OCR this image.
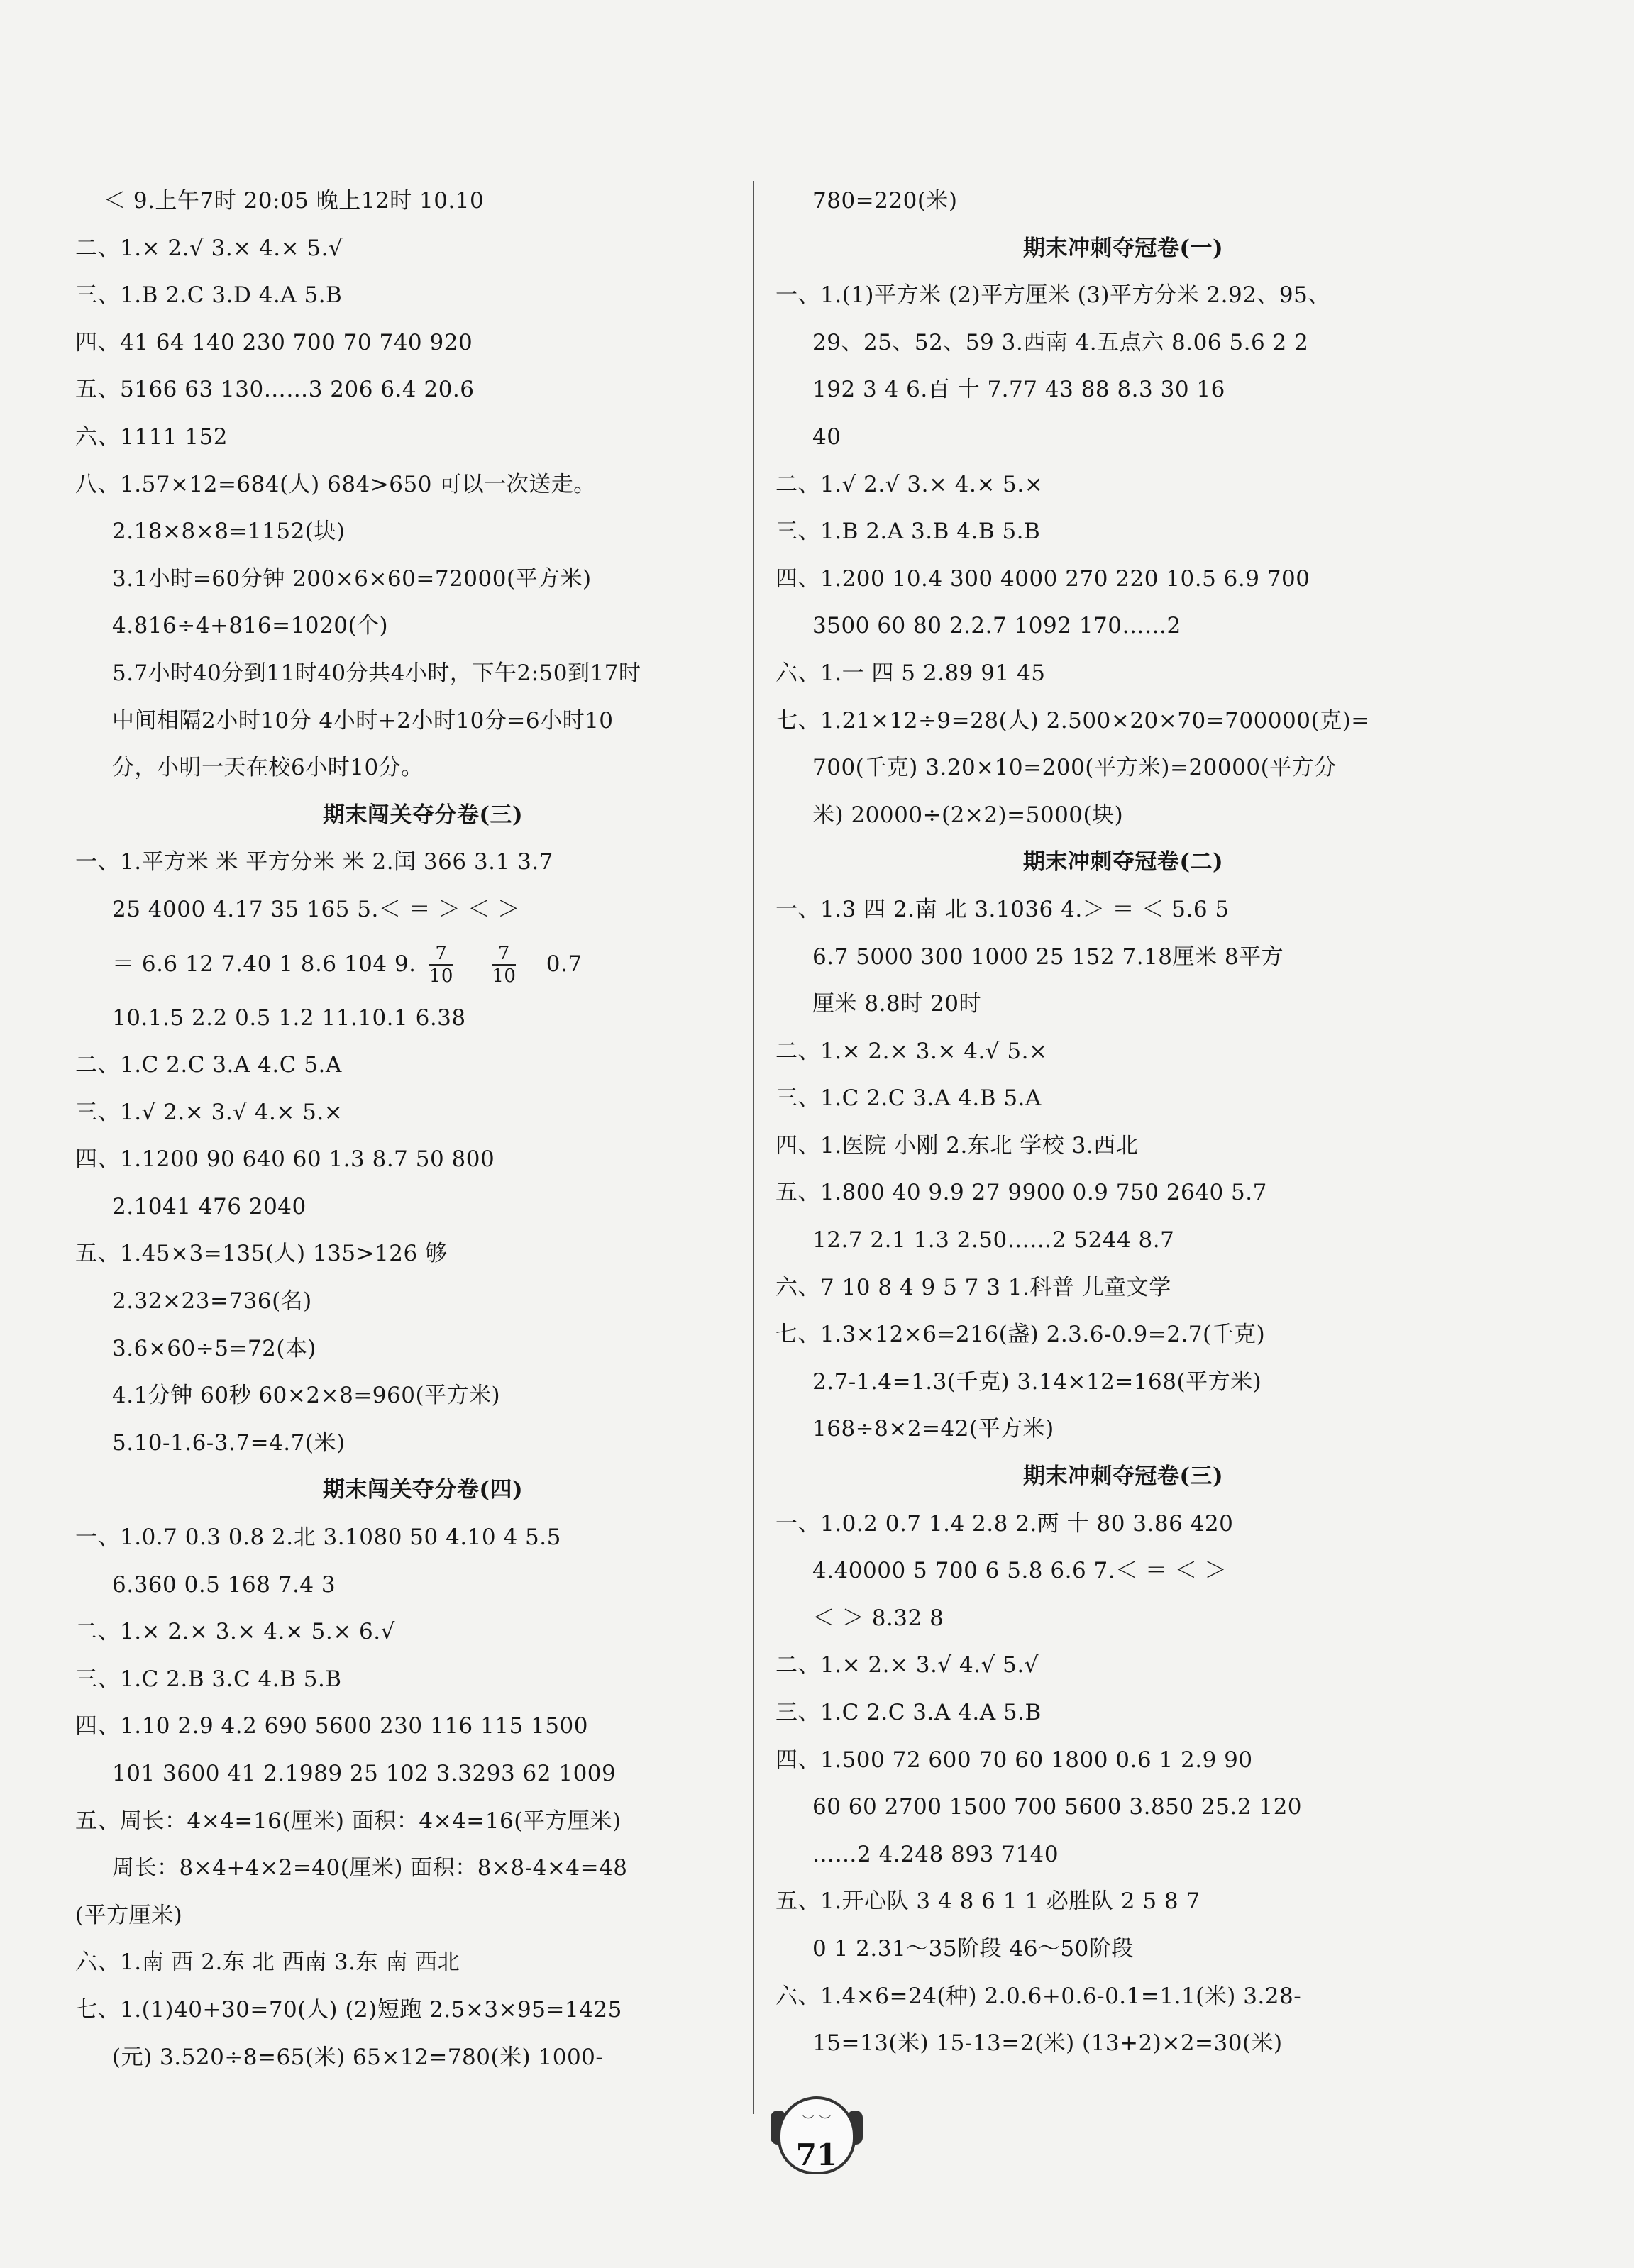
＜ 9.上午7时 20:05 晚上12时 10.10
二、1.× 2.√ 3.× 4.× 5.√
三、1.B 2.C 3.D 4.A 5.B
四、41 64 140 230 700 70 740 920
五、5166 63 130……3 206 6.4 20.6
六、1111 152
八、1.57×12=684(人) 684>650 可以一次送走。
2.18×8×8=1152(块)
3.1小时=60分钟 200×6×60=72000(平方米)
4.816÷4+816=1020(个)
5.7小时40分到11时40分共4小时，下午2:50到17时
中间相隔2小时10分 4小时+2小时10分=6小时10
分，小明一天在校6小时10分。
期末闯关夺分卷(三)
一、1.平方米 米 平方分米 米 2.闰 366 3.1 3.7
25 4000 4.17 35 165 5.＜ ＝ ＞ ＜ ＞
＝ 6.6 12 7.40 1 8.6 104 9. $\frac{7}{10}$
$\frac{7}{10} 0.7$
10.1.5 2.2 0.5 1.2 11.10.1 6.38
二、1.C 2.C 3.A 4.C 5.A
三、1.√ 2.× 3.√ 4.× 5.×
四、1.1200 90 640 60 1.3 8.7 50 800
2.1041 476 2040
五、1.45×3=135(人) 135>126 够
2.32×23=736(名)
3.6×60÷5=72(本)
4.1分钟 60秒 60×2×8=960(平方米)
5.10-1.6-3.7=4.7(米)
期末闯关夺分卷(四)
一、1.0.7 0.3 0.8 2.北 3.1080 50 4.10 4 5.5
6.360 0.5 168 7.4 3
二、1.× 2.× 3.× 4.× 5.× 6.√
三、1.C 2.B 3.C 4.B 5.B
四、1.10 2.9 4.2 690 5600 230 116 115 1500
101 3600 41 2.1989 25 102 3.3293 62 1009
五、周长：4×4=16(厘米) 面积：4×4=16(平方厘米)
周长：8×4+4×2=40(厘米) 面积：8×8-4×4=48
(平方厘米)
六、1.南 西 2.东 北 西南 3.东 南 西北
七、1.(1)40+30=70(人) (2)短跑 2.5×3×95=1425
(元) 3.520÷8=65(米) 65×12=780(米) 1000-
780=220(米)
期末冲刺夺冠卷(一)
一、1.(1)平方米 (2)平方厘米 (3)平方分米 2.92、95、
29、25、52、59 3.西南 4.五点六 8.06 5.6 2 2
192 3 4 6.百 十 7.77 43 88 8.3 30 16
40
二、1.√ 2.√ 3.× 4.× 5.×
三、1.B 2.A 3.B 4.B 5.B
四、1.200 10.4 300 4000 270 220 10.5 6.9 700
3500 60 80 2.2.7 1092 170……2
六、1.一 四 5 2.89 91 45
七、1.21×12÷9=28(人) 2.500×20×70=700000(克)=
700(千克) 3.20×10=200(平方米)=20000(平方分
米) 20000÷(2×2)=5000(块)
期末冲刺夺冠卷(二)
一、1.3 四 2.南 北 3.1036 4.＞ ＝ ＜ 5.6 5
6.7 5000 300 1000 25 152 7.18厘米 8平方
厘米 8.8时 20时
二、1.× 2.× 3.× 4.√ 5.×
三、1.C 2.C 3.A 4.B 5.A
四、1.医院 小刚 2.东北 学校 3.西北
五、1.800 40 9.9 27 9900 0.9 750 2640 5.7
12.7 2.1 1.3 2.50……2 5244 8.7
六、7 10 8 4 9 5 7 3 1.科普 儿童文学
七、1.3×12×6=216(盏) 2.3.6-0.9=2.7(千克)
2.7-1.4=1.3(千克) 3.14×12=168(平方米)
168÷8×2=42(平方米)
期末冲刺夺冠卷(三)
一、1.0.2 0.7 1.4 2.8 2.两 十 80 3.86 420
4.40000 5 700 6 5.8 6.6 7.＜ ＝ ＜ ＞
＜ ＞ 8.32 8
二、1.× 2.× 3.√ 4.√ 5.√
三、1.C 2.C 3.A 4.A 5.B
四、1.500 72 600 70 60 1800 0.6 1 2.9 90
60 60 2700 1500 700 5600 3.850 25.2 120
……2 4.248 893 7140
五、1.开心队 3 4 8 6 1 1 必胜队 2 5 8 7
0 1 2.31～35阶段 46～50阶段
六、1.4×6=24(种) 2.0.6+0.6-0.1=1.1(米) 3.28-
15=13(米) 15-13=2(米) (13+2)×2=30(米)
︶ ︶
71
